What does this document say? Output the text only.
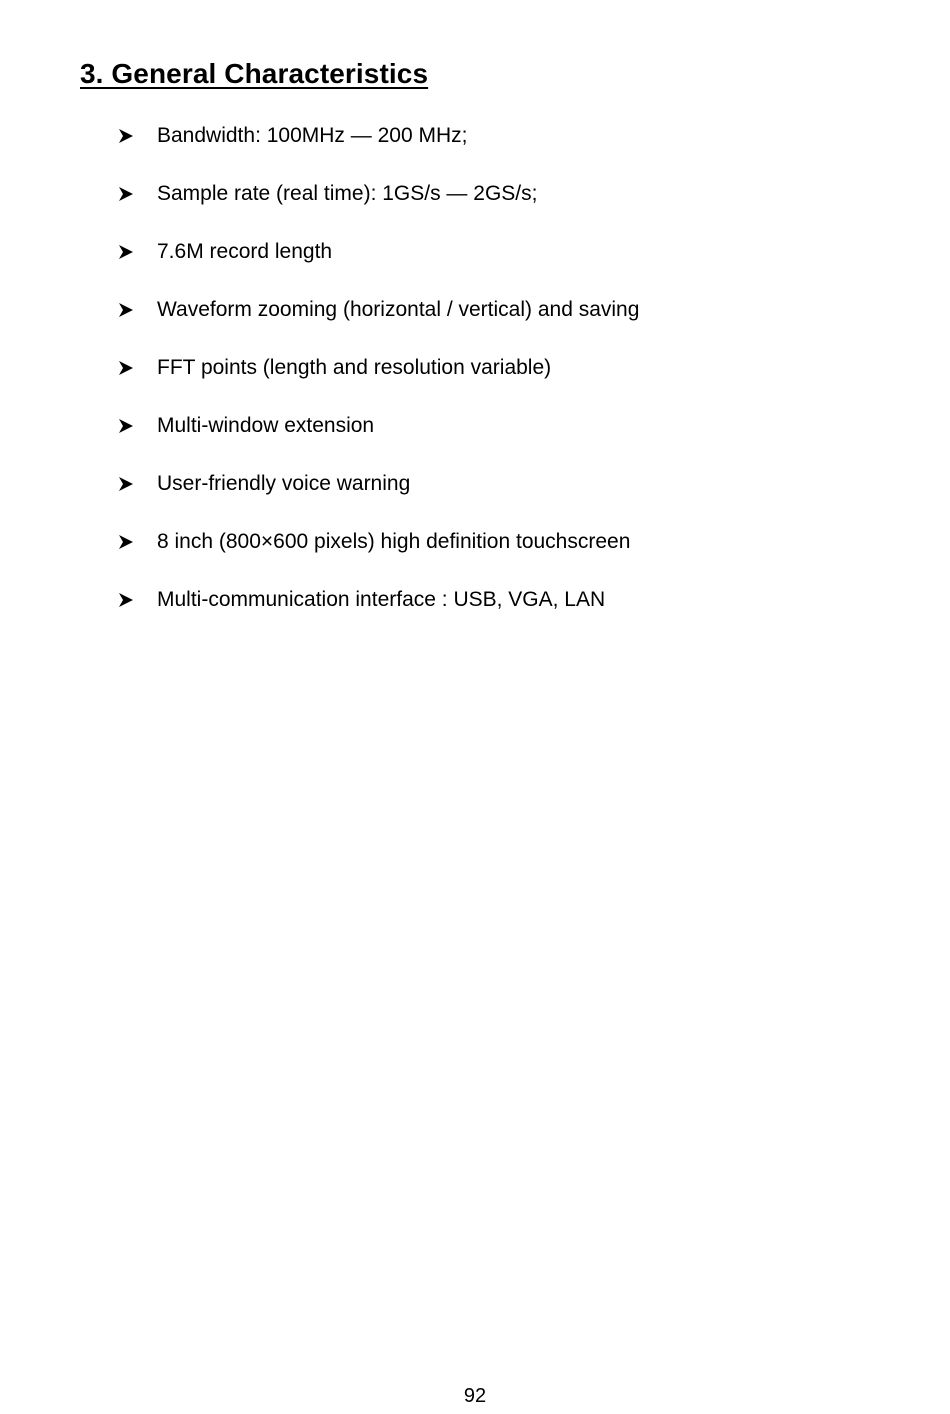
3. General Characteristics
Bandwidth: 100MHz — 200 MHz;
Sample rate (real time): 1GS/s — 2GS/s;
7.6M record length
Waveform zooming (horizontal / vertical) and saving
FFT points (length and resolution variable)
Multi-window extension
User-friendly voice warning
8 inch (800×600 pixels) high definition touchscreen
Multi-communication interface : USB, VGA, LAN
92
